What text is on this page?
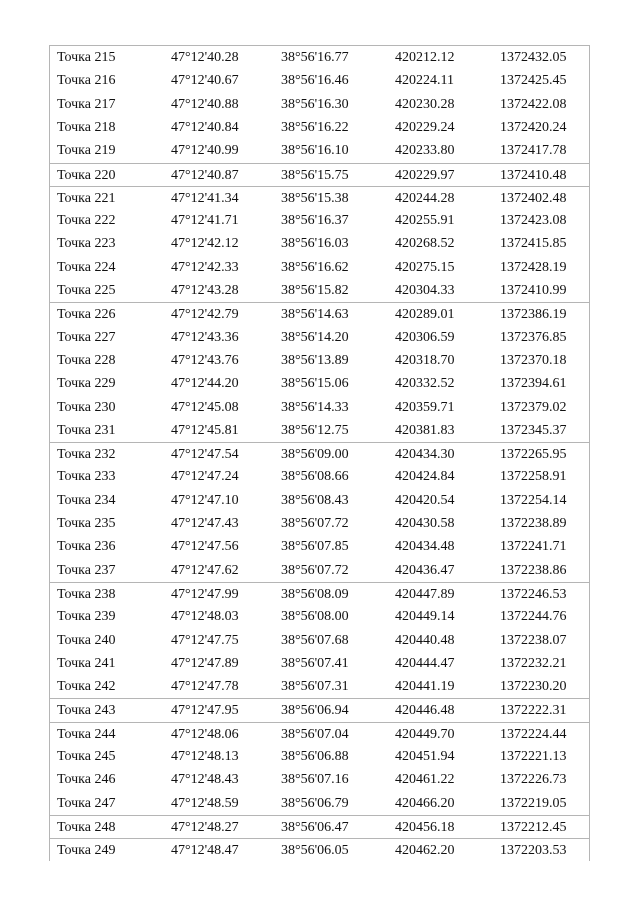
Точка 215	47°12'40.28	38°56'16.77	420212.12	1372432.05
Точка 216	47°12'40.67	38°56'16.46	420224.11	1372425.45
Точка 217	47°12'40.88	38°56'16.30	420230.28	1372422.08
Точка 218	47°12'40.84	38°56'16.22	420229.24	1372420.24
Точка 219	47°12'40.99	38°56'16.10	420233.80	1372417.78
Точка 220	47°12'40.87	38°56'15.75	420229.97	1372410.48
Точка 221	47°12'41.34	38°56'15.38	420244.28	1372402.48
Точка 222	47°12'41.71	38°56'16.37	420255.91	1372423.08
Точка 223	47°12'42.12	38°56'16.03	420268.52	1372415.85
Точка 224	47°12'42.33	38°56'16.62	420275.15	1372428.19
Точка 225	47°12'43.28	38°56'15.82	420304.33	1372410.99
Точка 226	47°12'42.79	38°56'14.63	420289.01	1372386.19
Точка 227	47°12'43.36	38°56'14.20	420306.59	1372376.85
Точка 228	47°12'43.76	38°56'13.89	420318.70	1372370.18
Точка 229	47°12'44.20	38°56'15.06	420332.52	1372394.61
Точка 230	47°12'45.08	38°56'14.33	420359.71	1372379.02
Точка 231	47°12'45.81	38°56'12.75	420381.83	1372345.37
Точка 232	47°12'47.54	38°56'09.00	420434.30	1372265.95
Точка 233	47°12'47.24	38°56'08.66	420424.84	1372258.91
Точка 234	47°12'47.10	38°56'08.43	420420.54	1372254.14
Точка 235	47°12'47.43	38°56'07.72	420430.58	1372238.89
Точка 236	47°12'47.56	38°56'07.85	420434.48	1372241.71
Точка 237	47°12'47.62	38°56'07.72	420436.47	1372238.86
Точка 238	47°12'47.99	38°56'08.09	420447.89	1372246.53
Точка 239	47°12'48.03	38°56'08.00	420449.14	1372244.76
Точка 240	47°12'47.75	38°56'07.68	420440.48	1372238.07
Точка 241	47°12'47.89	38°56'07.41	420444.47	1372232.21
Точка 242	47°12'47.78	38°56'07.31	420441.19	1372230.20
Точка 243	47°12'47.95	38°56'06.94	420446.48	1372222.31
Точка 244	47°12'48.06	38°56'07.04	420449.70	1372224.44
Точка 245	47°12'48.13	38°56'06.88	420451.94	1372221.13
Точка 246	47°12'48.43	38°56'07.16	420461.22	1372226.73
Точка 247	47°12'48.59	38°56'06.79	420466.20	1372219.05
Точка 248	47°12'48.27	38°56'06.47	420456.18	1372212.45
Точка 249	47°12'48.47	38°56'06.05	420462.20	1372203.53
